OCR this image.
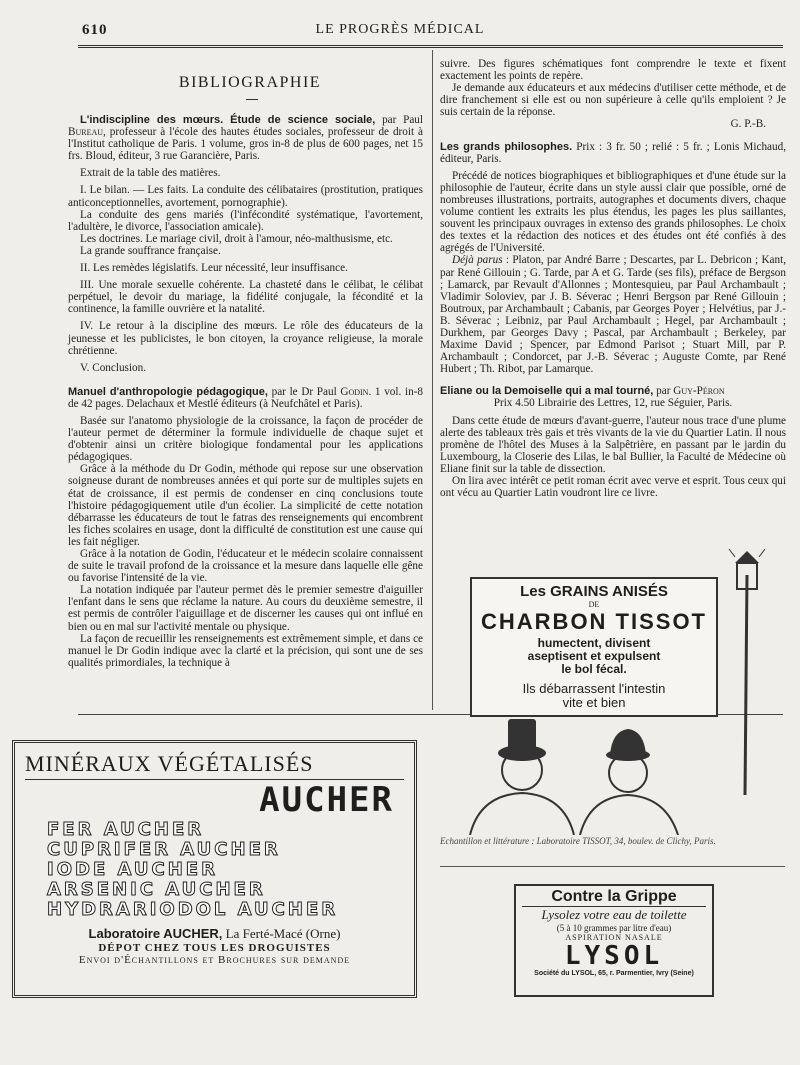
610	LE PROGRÈS MÉDICAL
BIBLIOGRAPHIE

L'indiscipline des mœurs. Étude de science sociale, par Paul Bureau, professeur à l'école des hautes études sociales, professeur de droit à l'Institut catholique de Paris. 1 volume, gros in-8 de plus de 600 pages, net 15 frs. Bloud, éditeur, 3 rue Garancière, Paris.

Extrait de la table des matières.

I. Le bilan. — Les faits. La conduite des célibataires (prostitution, pratiques anticonceptionnelles, avortement, pornographie).

La conduite des gens mariés (l'infécondité systématique, l'avortement, l'adultère, le divorce, l'association amicale).

Les doctrines. Le mariage civil, droit à l'amour, néo-malthusisme, etc.

La grande souffrance française.

II. Les remèdes législatifs. Leur nécessité, leur insuffisance.

III. Une morale sexuelle cohérente. La chasteté dans le célibat, le célibat perpétuel, le devoir du mariage, la fidélité conjugale, la fécondité et la continence, la famille ouvrière et la natalité.

IV. Le retour à la discipline des mœurs. Le rôle des éducateurs de la jeunesse et les publicistes, le bon citoyen, la croyance religieuse, la morale chrétienne.

V. Conclusion.

Manuel d'anthropologie pédagogique, par le Dr Paul Godin. 1 vol. in-8 de 42 pages. Delachaux et Mestlé éditeurs (à Neufchâtel et Paris).

Basée sur l'anatomo physiologie de la croissance, la façon de procéder de l'auteur permet de déterminer la formule individuelle de chaque sujet et d'obtenir ainsi un critère biologique fondamental pour les applications pédagogiques.

Grâce à la méthode du Dr Godin, méthode qui repose sur une observation soigneuse durant de nombreuses années et qui porte sur de multiples sujets en état de croissance, il est permis de condenser en cinq conclusions toute l'histoire pédagogiquement utile d'un écolier. La simplicité de cette notation débarrasse les éducateurs de tout le fatras des renseignements qui encombrent les fiches scolaires en usage, dont la difficulté de constitution est une cause qui les fait négliger.

Grâce à la notation de Godin, l'éducateur et le médecin scolaire connaissent de suite le travail profond de la croissance et la mesure dans laquelle elle gêne ou favorise l'intensité de la vie.

La notation indiquée par l'auteur permet dès le premier semestre d'aiguiller l'enfant dans le sens que réclame la nature. Au cours du deuxième semestre, il est permis de contrôler l'aiguillage et de discerner les causes qui ont influé en bien ou en mal sur l'activité mentale ou physique.

La façon de recueillir les renseignements est extrêmement simple, et dans ce manuel le Dr Godin indique avec la clarté et la précision, qui sont une de ses qualités primordiales, la technique à

suivre. Des figures schématiques font comprendre le texte et fixent exactement les points de repère.

Je demande aux éducateurs et aux médecins d'utiliser cette méthode, et de dire franchement si elle est ou non supérieure à celle qu'ils emploient ? Je suis certain de la réponse.

G. P.-B.

Les grands philosophes. Prix : 3 fr. 50 ; relié : 5 fr. ; Lonis Michaud, éditeur, Paris.

Précédé de notices biographiques et bibliographiques et d'une étude sur la philosophie de l'auteur, écrite dans un style aussi clair que possible, orné de nombreuses illustrations, portraits, autographes et documents divers, chaque volume contient les extraits les plus étendus, les pages les plus saillantes, souvent les principaux ouvrages in extenso des grands philosophes. Le choix des textes et la rédaction des notices et des études ont été confiés à des agrégés de l'Université.

Déjà parus : Platon, par André Barre ; Descartes, par L. Debricon ; Kant, par René Gillouin ; G. Tarde, par A et G. Tarde (ses fils), préface de Bergson ; Lamarck, par Revault d'Allonnes ; Montesquieu, par Paul Archambault ; Vladimir Soloviev, par J. B. Séverac ; Henri Bergson par René Gillouin ; Boutroux, par Archambault ; Cabanis, par Georges Poyer ; Helvétius, par J.-B. Séverac ; Leibniz, par Paul Archambault ; Hegel, par Archambault ; Durkhem, par Georges Davy ; Pascal, par Archambault ; Berkeley, par Maxime David ; Spencer, par Edmond Parisot ; Stuart Mill, par P. Archambault ; Condorcet, par J.-B. Séverac ; Auguste Comte, par René Hubert ; Th. Ribot, par Lamarque.

Eliane ou la Demoiselle qui a mal tourné, par Guy-Péron

Prix 4.50 Librairie des Lettres, 12, rue Séguier, Paris.

Dans cette étude de mœurs d'avant-guerre, l'auteur nous trace d'une plume alerte des tableaux très gais et très vivants de la vie du Quartier Latin. Il nous promène de l'hôtel des Muses à la Salpêtrière, en passant par le jardin du Luxembourg, la Closerie des Lilas, le bal Bullier, la Faculté de Médecine où Eliane finit sur la table de dissection.

On lira avec intérêt ce petit roman écrit avec verve et esprit. Tous ceux qui ont vécu au Quartier Latin voudront lire ce livre.

MINÉRAUX VÉGÉTALISÉS
AUCHER
FER AUCHER
CUPRIFER AUCHER
IODE AUCHER
ARSENIC AUCHER
HYDRARIODOL AUCHER
Laboratoire AUCHER, La Ferté-Macé (Orne)
DÉPOT CHEZ TOUS LES DROGUISTES
Envoi d'Échantillons et Brochures sur demande
Les GRAINS ANISÉS
DE
CHARBON TISSOT
humectent, divisent
aseptisent et expulsent
le bol fécal.
Ils débarrassent l'intestin
vite et bien
Echantillon et littérature : Laboratoire TISSOT, 34, boulev. de Clichy, Paris.
Contre la Grippe
Lysolez votre eau de toilette
(5 à 10 grammes par litre d'eau)
ASPIRATION NASALE
LYSOL
Société du LYSOL, 65, r. Parmentier, Ivry (Seine)
